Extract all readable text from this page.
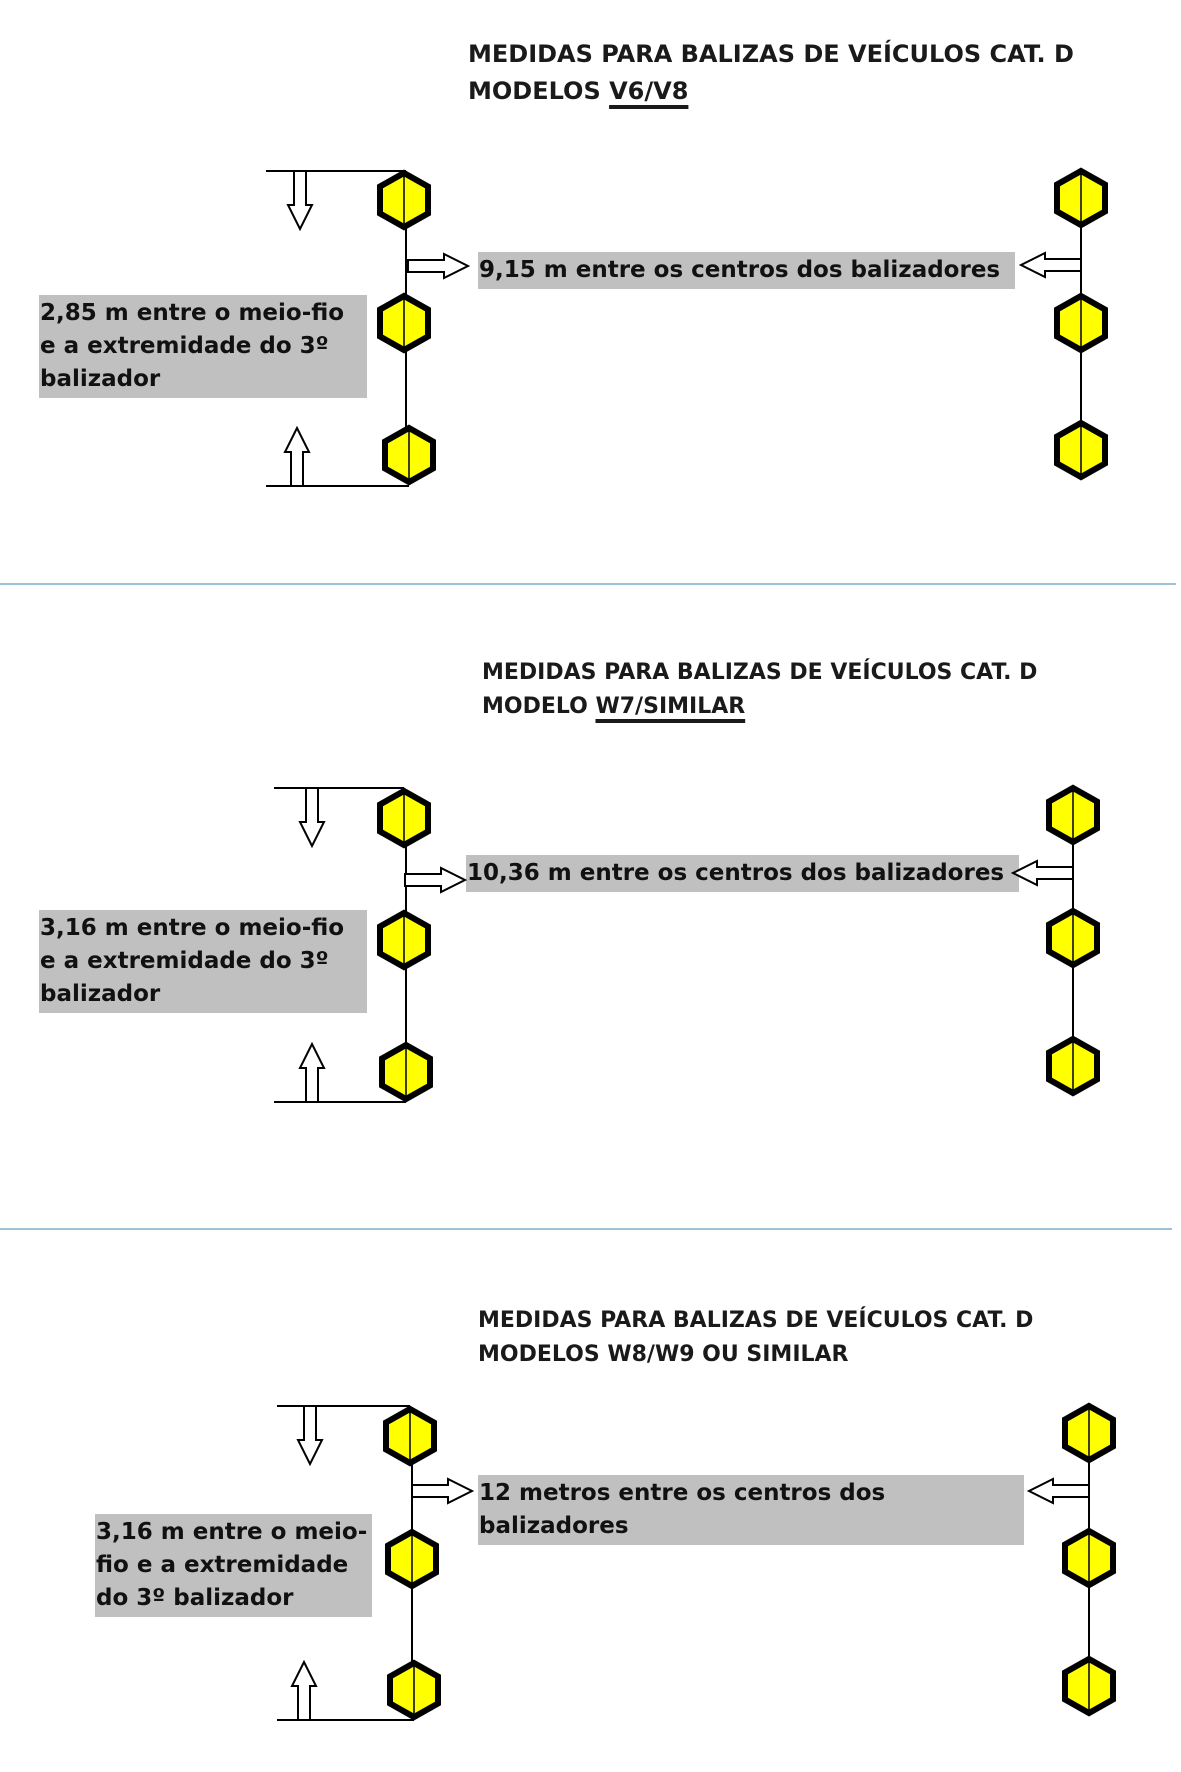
MEDIDAS PARA BALIZAS DE VEÍCULOS CAT. D
MODELOS V6/V8
9,15 m entre os centros dos balizadores
2,85 m entre o meio-fio e a extremidade do 3º balizador
MEDIDAS PARA BALIZAS DE VEÍCULOS CAT. D
MODELO W7/SIMILAR
10,36 m entre os centros dos balizadores
3,16 m entre o meio-fio e a extremidade do 3º balizador
MEDIDAS PARA BALIZAS DE VEÍCULOS CAT. D
MODELOS W8/W9 OU SIMILAR
12 metros entre os centros dos balizadores
3,16 m entre o meio-fio e a extremidade do 3º balizador
